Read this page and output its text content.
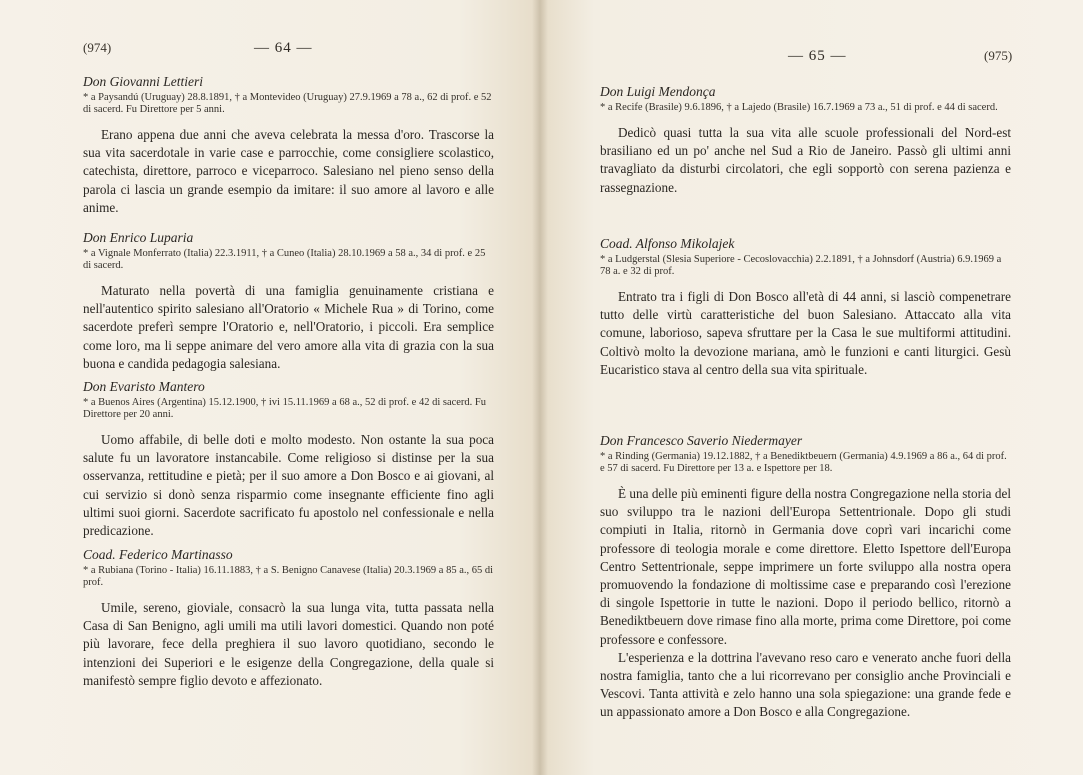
(974)	— 64 —

Don Giovanni Lettieri

* a Paysandú (Uruguay) 28.8.1891, † a Montevideo (Uruguay) 27.9.1969 a 78 a., 62 di prof. e 52 di sacerd. Fu Direttore per 5 anni.

Erano appena due anni che aveva celebrata la messa d'oro. Trascorse la sua vita sacerdotale in varie case e parrocchie, come consigliere scolastico, catechista, direttore, parroco e viceparroco. Salesiano nel pieno senso della parola ci lascia un grande esempio da imitare: il suo amore al lavoro e alle anime.

Don Enrico Luparia

* a Vignale Monferrato (Italia) 22.3.1911, † a Cuneo (Italia) 28.10.1969 a 58 a., 34 di prof. e 25 di sacerd.

Maturato nella povertà di una famiglia genuinamente cristiana e nell'autentico spirito salesiano all'Oratorio « Michele Rua » di Torino, come sacerdote preferì sempre l'Oratorio e, nell'Oratorio, i piccoli. Era semplice come loro, ma li seppe animare del vero amore alla vita di grazia con la sua buona e candida pedagogia salesiana.

Don Evaristo Mantero

* a Buenos Aires (Argentina) 15.12.1900, † ivi 15.11.1969 a 68 a., 52 di prof. e 42 di sacerd. Fu Direttore per 20 anni.

Uomo affabile, di belle doti e molto modesto. Non ostante la sua poca salute fu un lavoratore instancabile. Come religioso si distinse per la sua osservanza, rettitudine e pietà; per il suo amore a Don Bosco e ai giovani, al cui servizio si donò senza risparmio come insegnante efficiente fino agli ultimi suoi giorni. Sacerdote sacrificato fu apostolo nel confessionale e nella predicazione.

Coad. Federico Martinasso

* a Rubiana (Torino - Italia) 16.11.1883, † a S. Benigno Canavese (Italia) 20.3.1969 a 85 a., 65 di prof.

Umile, sereno, gioviale, consacrò la sua lunga vita, tutta passata nella Casa di San Benigno, agli umili ma utili lavori domestici. Quando non poté più lavorare, fece della preghiera il suo lavoro quotidiano, secondo le intenzioni dei Superiori e le esigenze della Congregazione, della quale si manifestò sempre figlio devoto e affezionato.

— 65 —	(975)

Don Luigi Mendonça

* a Recife (Brasile) 9.6.1896, † a Lajedo (Brasile) 16.7.1969 a 73 a., 51 di prof. e 44 di sacerd.

Dedicò quasi tutta la sua vita alle scuole professionali del Nord-est brasiliano ed un po' anche nel Sud a Rio de Janeiro. Passò gli ultimi anni travagliato da disturbi circolatori, che egli sopportò con serena pazienza e rassegnazione.

Coad. Alfonso Mikolajek

* a Ludgerstal (Slesia Superiore - Cecoslovacchia) 2.2.1891, † a Johnsdorf (Austria) 6.9.1969 a 78 a. e 32 di prof.

Entrato tra i figli di Don Bosco all'età di 44 anni, si lasciò compenetrare tutto delle virtù caratteristiche del buon Salesiano. Attaccato alla vita comune, laborioso, sapeva sfruttare per la Casa le sue multiformi attitudini. Coltivò molto la devozione mariana, amò le funzioni e canti liturgici. Gesù Eucaristico stava al centro della sua vita spirituale.

Don Francesco Saverio Niedermayer

* a Rinding (Germania) 19.12.1882, † a Benediktbeuern (Germania) 4.9.1969 a 86 a., 64 di prof. e 57 di sacerd. Fu Direttore per 13 a. e Ispettore per 18.

È una delle più eminenti figure della nostra Congregazione nella storia del suo sviluppo tra le nazioni dell'Europa Settentrionale. Dopo gli studi compiuti in Italia, ritornò in Germania dove coprì vari incarichi come professore di teologia morale e come direttore. Eletto Ispettore dell'Europa Centro Settentrionale, seppe imprimere un forte sviluppo alla nostra opera promuovendo la fondazione di moltissime case e preparando così l'erezione di singole Ispettorie in tutte le nazioni. Dopo il periodo bellico, ritornò a Benediktbeuern dove rimase fino alla morte, prima come Direttore, poi come professore e confessore.

L'esperienza e la dottrina l'avevano reso caro e venerato anche fuori della nostra famiglia, tanto che a lui ricorrevano per consiglio anche Provinciali e Vescovi. Tanta attività e zelo hanno una sola spiegazione: una grande fede e un appassionato amore a Don Bosco e alla Congregazione.
